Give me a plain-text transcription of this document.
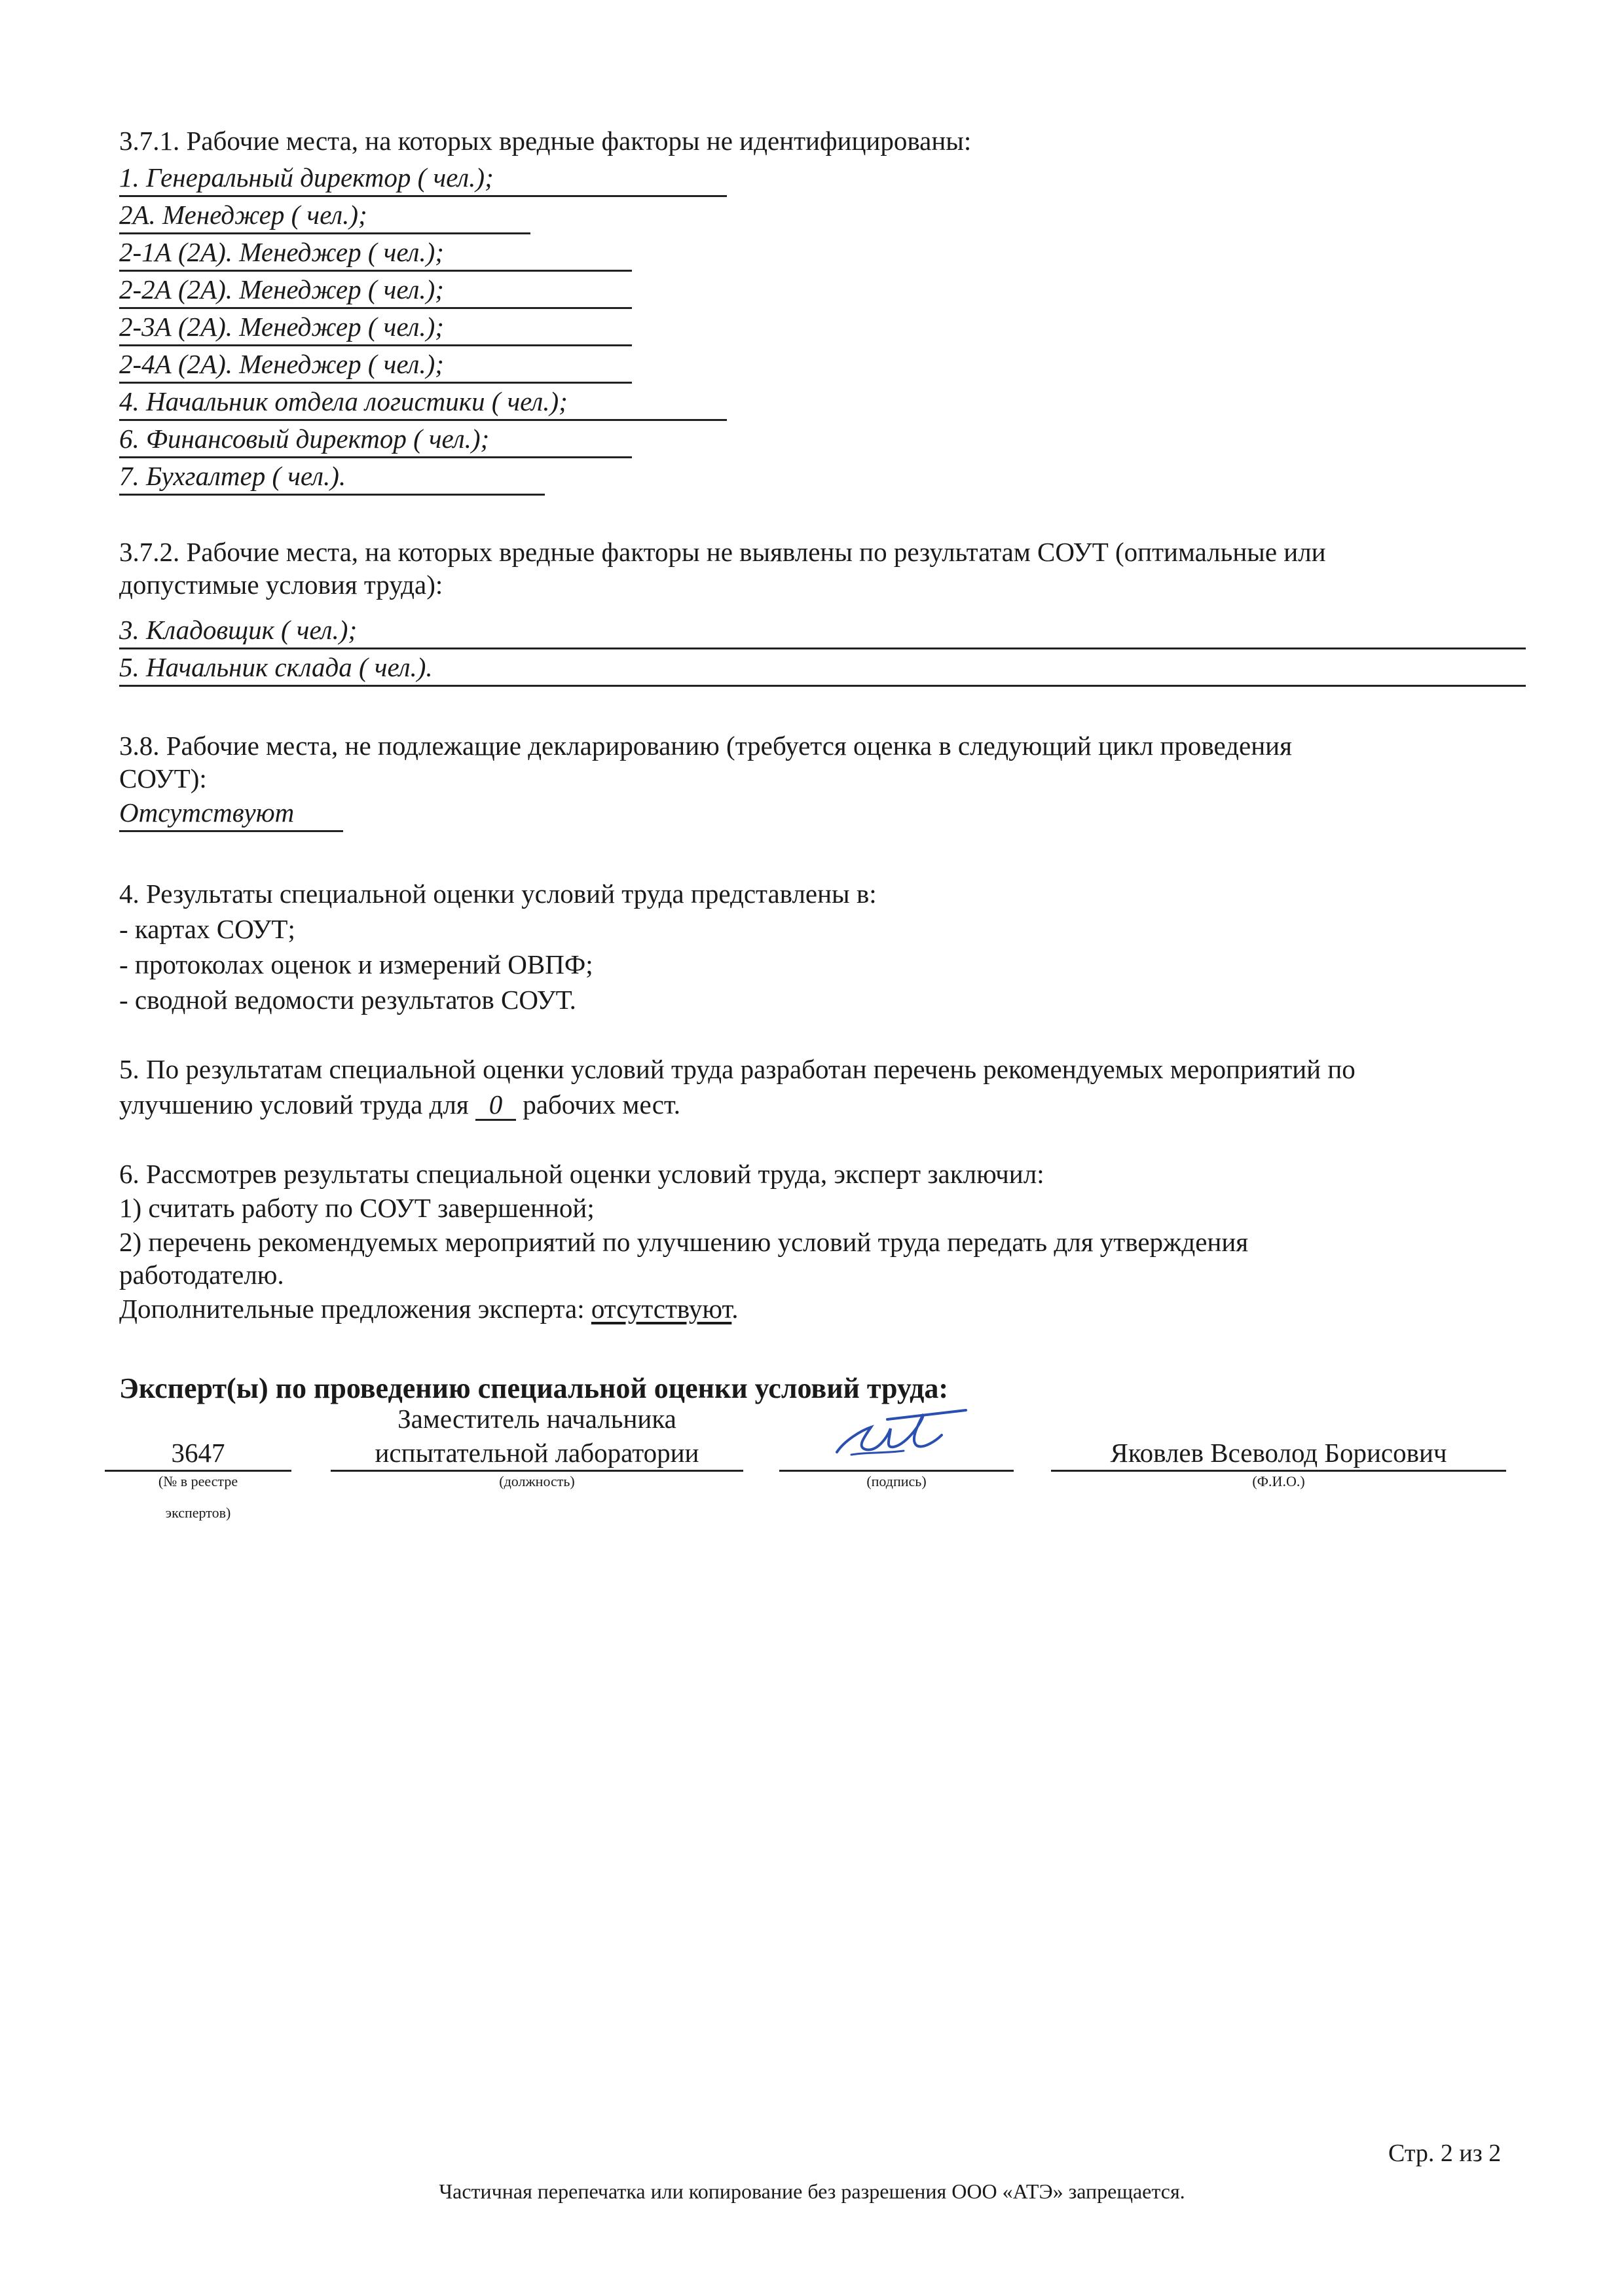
3.7.1. Рабочие места, на которых вредные факторы не идентифицированы:
1. Генеральный директор ( чел.);
2А. Менеджер ( чел.);
2-1А (2А). Менеджер ( чел.);
2-2А (2А). Менеджер ( чел.);
2-3А (2А). Менеджер ( чел.);
2-4А (2А). Менеджер ( чел.);
4. Начальник отдела логистики ( чел.);
6. Финансовый директор ( чел.);
7. Бухгалтер ( чел.).
3.7.2. Рабочие места, на которых вредные факторы не выявлены по результатам СОУТ (оптимальные или
допустимые условия труда):
3. Кладовщик ( чел.);
5. Начальник склада ( чел.).
3.8. Рабочие места, не подлежащие декларированию (требуется оценка в следующий цикл проведения
СОУТ):
Отсутствуют
4. Результаты специальной оценки условий труда представлены в:
- картах СОУТ;
- протоколах оценок и измерений ОВПФ;
- сводной ведомости результатов СОУТ.
5. По результатам специальной оценки условий труда разработан перечень рекомендуемых мероприятий по
улучшению условий труда для 0 рабочих мест.
6. Рассмотрев результаты специальной оценки условий труда, эксперт заключил:
1) считать работу по СОУТ завершенной;
2) перечень рекомендуемых мероприятий по улучшению условий труда передать для утверждения
работодателю.
Дополнительные предложения эксперта: отсутствуют.
Эксперт(ы) по проведению специальной оценки условий труда:
3647
(№ в реестре
экспертов)
Заместитель начальника
испытательной лаборатории
(должность)	(подпись)
Яковлев Всеволод Борисович
(Ф.И.О.)
Стр. 2 из 2
Частичная перепечатка или копирование без разрешения ООО «АТЭ» запрещается.
